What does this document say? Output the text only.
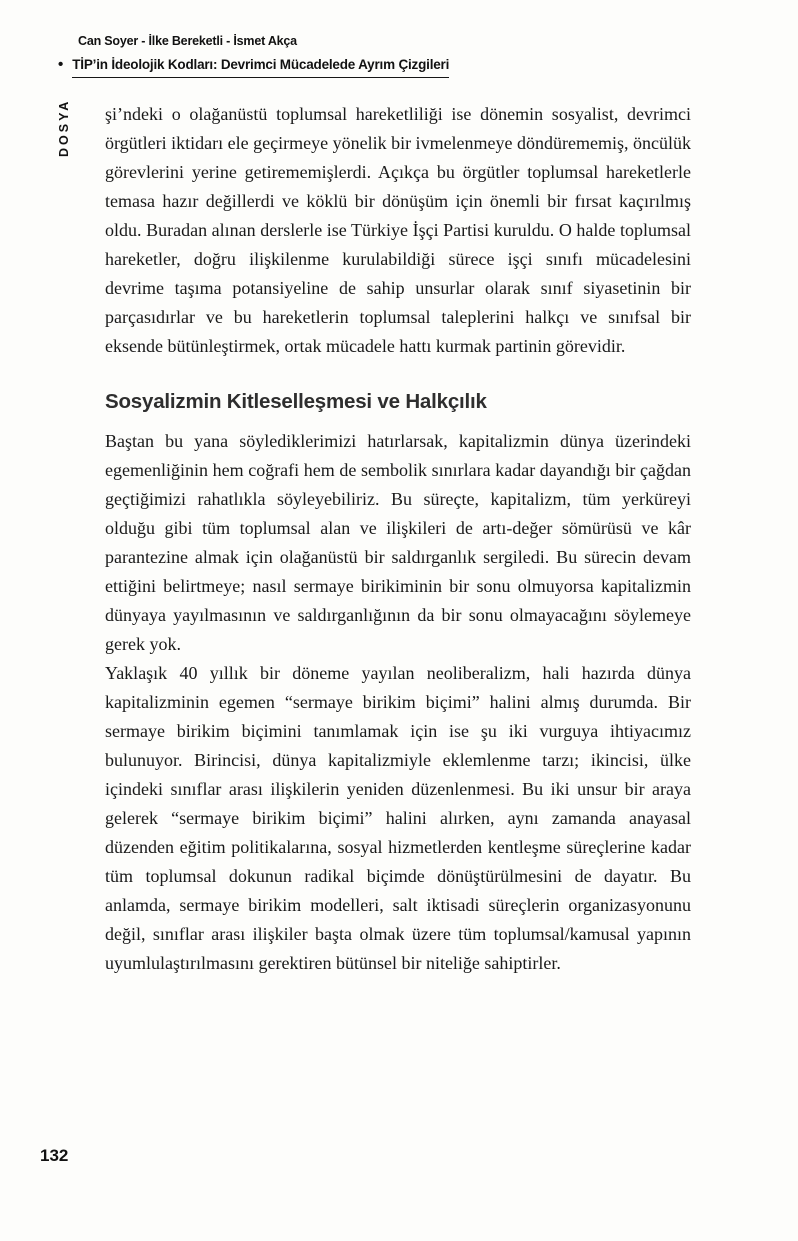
Can Soyer - İlke Bereketli - İsmet Akça
• TİP’in İdeolojik Kodları: Devrimci Mücadelede Ayrım Çizgileri
DOSYA şi’ndeki o olağanüstü toplumsal hareketliliği ise dönemin sosyalist, devrimci örgütleri iktidarı ele geçirmeye yönelik bir ivmelenmeye döndürememiş, öncülük görevlerini yerine getirememişlerdi. Açıkça bu örgütler toplumsal hareketlerle temasa hazır değillerdi ve köklü bir dönüşüm için önemli bir fırsat kaçırılmış oldu. Buradan alınan derslerle ise Türkiye İşçi Partisi kuruldu. O halde toplumsal hareketler, doğru ilişkilenme kurulabildiği sürece işçi sınıfı mücadelesini devrime taşıma potansiyeline de sahip unsurlar olarak sınıf siyasetinin bir parçasıdırlar ve bu hareketlerin toplumsal taleplerini halkçı ve sınıfsal bir eksende bütünleştirmek, ortak mücadele hattı kurmak partinin görevidir.

Sosyalizmin Kitleselleşmesi ve Halkçılık

Baştan bu yana söylediklerimizi hatırlarsak, kapitalizmin dünya üzerindeki egemenliğinin hem coğrafi hem de sembolik sınırlara kadar dayandığı bir çağdan geçtiğimizi rahatlıkla söyleyebiliriz. Bu süreçte, kapitalizm, tüm yerküreyi olduğu gibi tüm toplumsal alan ve ilişkileri de artı-değer sömürüsü ve kâr parantezine almak için olağanüstü bir saldırganlık sergiledi. Bu sürecin devam ettiğini belirtmeye; nasıl sermaye birikiminin bir sonu olmuyorsa kapitalizmin dünyaya yayılmasının ve saldırganlığının da bir sonu olmayacağını söylemeye gerek yok.

Yaklaşık 40 yıllık bir döneme yayılan neoliberalizm, hali hazırda dünya kapitalizminin egemen “sermaye birikim biçimi” halini almış durumda. Bir sermaye birikim biçimini tanımlamak için ise şu iki vurguya ihtiyacımız bulunuyor. Birincisi, dünya kapitalizmiyle eklemlenme tarzı; ikincisi, ülke içindeki sınıflar arası ilişkilerin yeniden düzenlenmesi. Bu iki unsur bir araya gelerek “sermaye birikim biçimi” halini alırken, aynı zamanda anayasal düzenden eğitim politikalarına, sosyal hizmetlerden kentleşme süreçlerine kadar tüm toplumsal dokunun radikal biçimde dönüştürülmesini de dayatır. Bu anlamda, sermaye birikim modelleri, salt iktisadi süreçlerin organizasyonunu değil, sınıflar arası ilişkiler başta olmak üzere tüm toplumsal/kamusal yapının uyumlulaştırılmasını gerektiren bütünsel bir niteliğe sahiptirler.

132
